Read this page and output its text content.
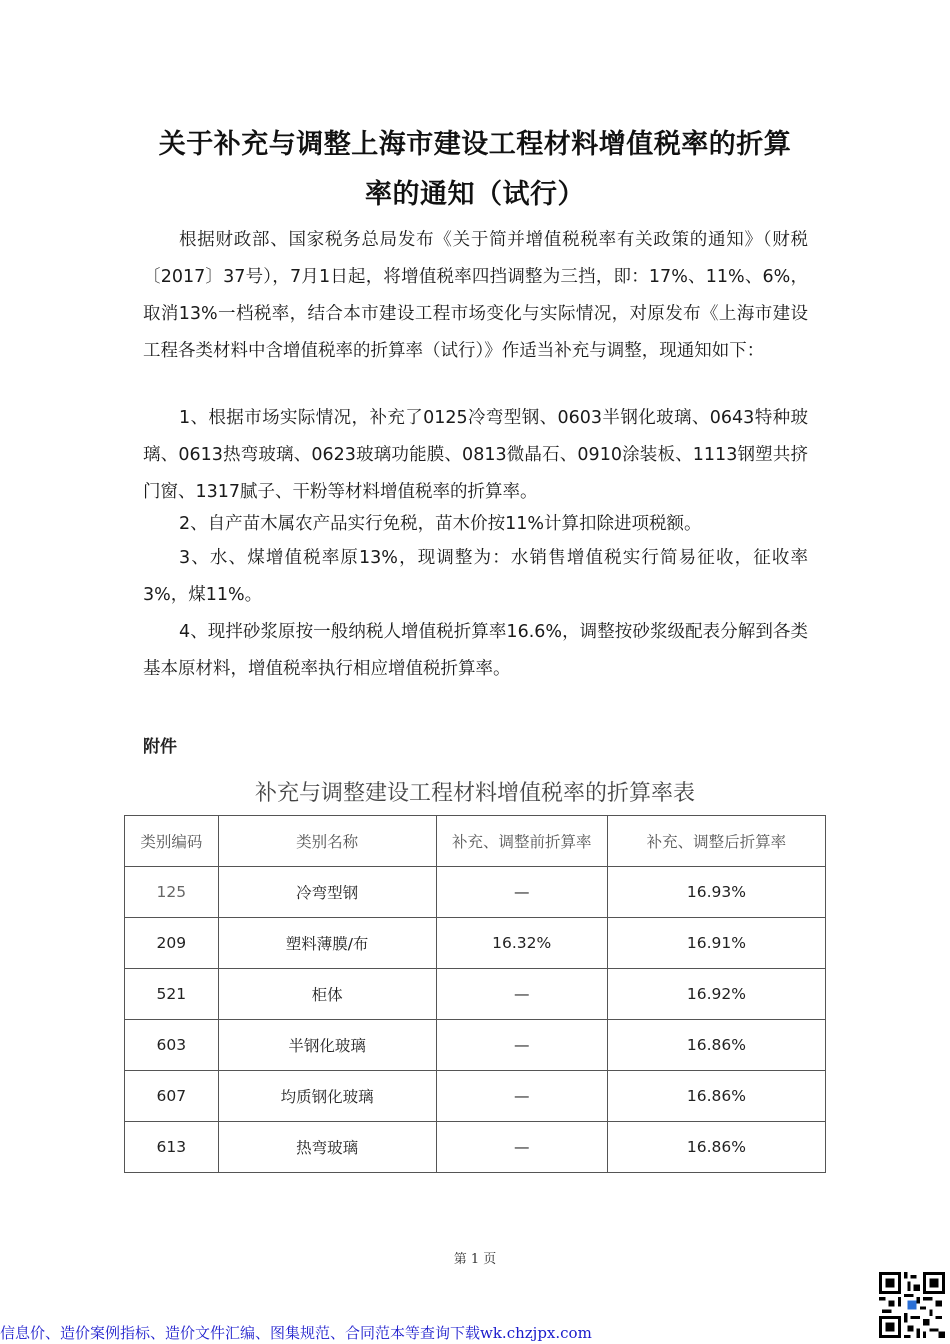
关于补充与调整上海市建设工程材料增值税率的折算
率的通知（试行）

根据财政部、国家税务总局发布《关于简并增值税税率有关政策的通知》（财税〔2017〕37号），7月1日起，将增值税率四挡调整为三挡，即：17%、11%、6%，取消13%一档税率，结合本市建设工程市场变化与实际情况，对原发布《上海市建设工程各类材料中含增值税率的折算率（试行）》作适当补充与调整，现通知如下：

1、根据市场实际情况，补充了0125冷弯型钢、0603半钢化玻璃、0643特种玻璃、0613热弯玻璃、0623玻璃功能膜、0813微晶石、0910涂装板、1113钢塑共挤门窗、1317腻子、干粉等材料增值税率的折算率。

2、自产苗木属农产品实行免税，苗木价按11%计算扣除进项税额。

3、水、煤增值税率原13%，现调整为：水销售增值税实行简易征收，征收率3%，煤11%。

4、现拌砂浆原按一般纳税人增值税折算率16.6%，调整按砂浆级配表分解到各类基本原材料，增值税率执行相应增值税折算率。

附件
补充与调整建设工程材料增值税率的折算率表
类别编码	类别名称	补充、调整前折算率	补充、调整后折算率
125	冷弯型钢	—	16.93%
209	塑料薄膜/布	16.32%	16.91%
521	柜体	—	16.92%
603	半钢化玻璃	—	16.86%
607	均质钢化玻璃	—	16.86%
613	热弯玻璃	—	16.86%
第 1 页
信息价、造价案例指标、造价文件汇编、图集规范、合同范本等查询下载wk.chzjpx.com
